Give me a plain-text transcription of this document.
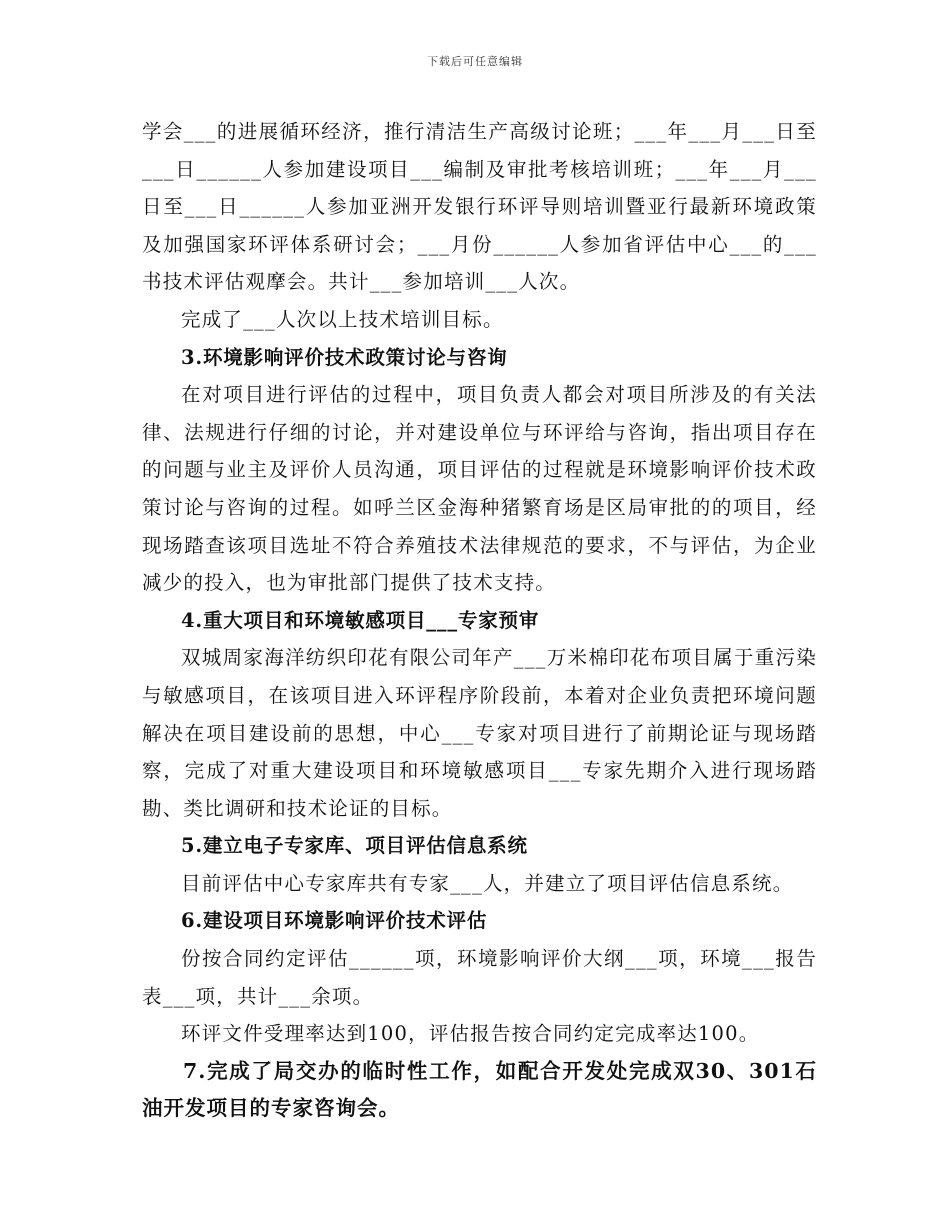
下载后可任意编辑

学会___的进展循环经济，推行清洁生产高级讨论班；___年___月___日至___日______人参加建设项目___编制及审批考核培训班；___年___月___日至___日______人参加亚洲开发银行环评导则培训暨亚行最新环境政策及加强国家环评体系研讨会；___月份______人参加省评估中心___的___书技术评估观摩会。共计___参加培训___人次。

完成了___人次以上技术培训目标。

3.环境影响评价技术政策讨论与咨询

在对项目进行评估的过程中，项目负责人都会对项目所涉及的有关法律、法规进行仔细的讨论，并对建设单位与环评给与咨询，指出项目存在的问题与业主及评价人员沟通，项目评估的过程就是环境影响评价技术政策讨论与咨询的过程。如呼兰区金海种猪繁育场是区局审批的的项目，经现场踏查该项目选址不符合养殖技术法律规范的要求，不与评估，为企业减少的投入，也为审批部门提供了技术支持。

4.重大项目和环境敏感项目___专家预审

双城周家海洋纺织印花有限公司年产___万米棉印花布项目属于重污染与敏感项目，在该项目进入环评程序阶段前，本着对企业负责把环境问题解决在项目建设前的思想，中心___专家对项目进行了前期论证与现场踏察，完成了对重大建设项目和环境敏感项目___专家先期介入进行现场踏勘、类比调研和技术论证的目标。

5.建立电子专家库、项目评估信息系统

目前评估中心专家库共有专家___人，并建立了项目评估信息系统。

6.建设项目环境影响评价技术评估

份按合同约定评估______项，环境影响评价大纲___项，环境___报告表___项，共计___余项。

环评文件受理率达到100，评估报告按合同约定完成率达100。

7.完成了局交办的临时性工作，如配合开发处完成双30、301石油开发项目的专家咨询会。
